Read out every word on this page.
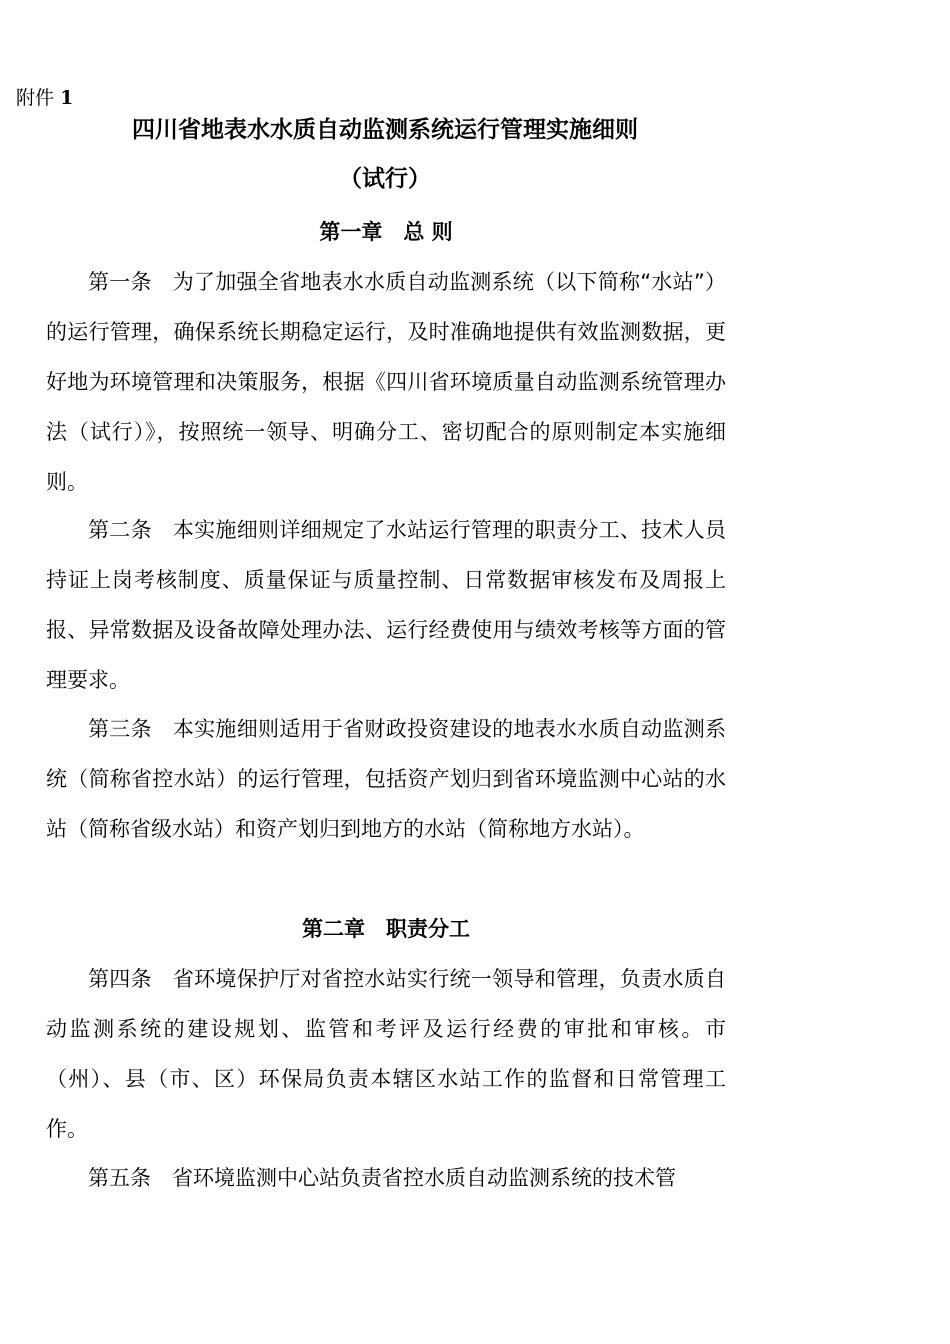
附件 1
四川省地表水水质自动监测系统运行管理实施细则
（试行）
第一章　总 则

第一条 为了加强全省地表水水质自动监测系统（以下简称“水站”）的运行管理，确保系统长期稳定运行，及时准确地提供有效监测数据，更好地为环境管理和决策服务，根据《四川省环境质量自动监测系统管理办法（试行）》，按照统一领导、明确分工、密切配合的原则制定本实施细则。

第二条 本实施细则详细规定了水站运行管理的职责分工、技术人员持证上岗考核制度、质量保证与质量控制、日常数据审核发布及周报上报、异常数据及设备故障处理办法、运行经费使用与绩效考核等方面的管理要求。

第三条 本实施细则适用于省财政投资建设的地表水水质自动监测系统（简称省控水站）的运行管理，包括资产划归到省环境监测中心站的水站（简称省级水站）和资产划归到地方的水站（简称地方水站）。

第二章　职责分工

第四条 省环境保护厅对省控水站实行统一领导和管理，负责水质自动监测系统的建设规划、监管和考评及运行经费的审批和审核。市（州）、县（市、区）环保局负责本辖区水站工作的监督和日常管理工作。

第五条 省环境监测中心站负责省控水质自动监测系统的技术管
